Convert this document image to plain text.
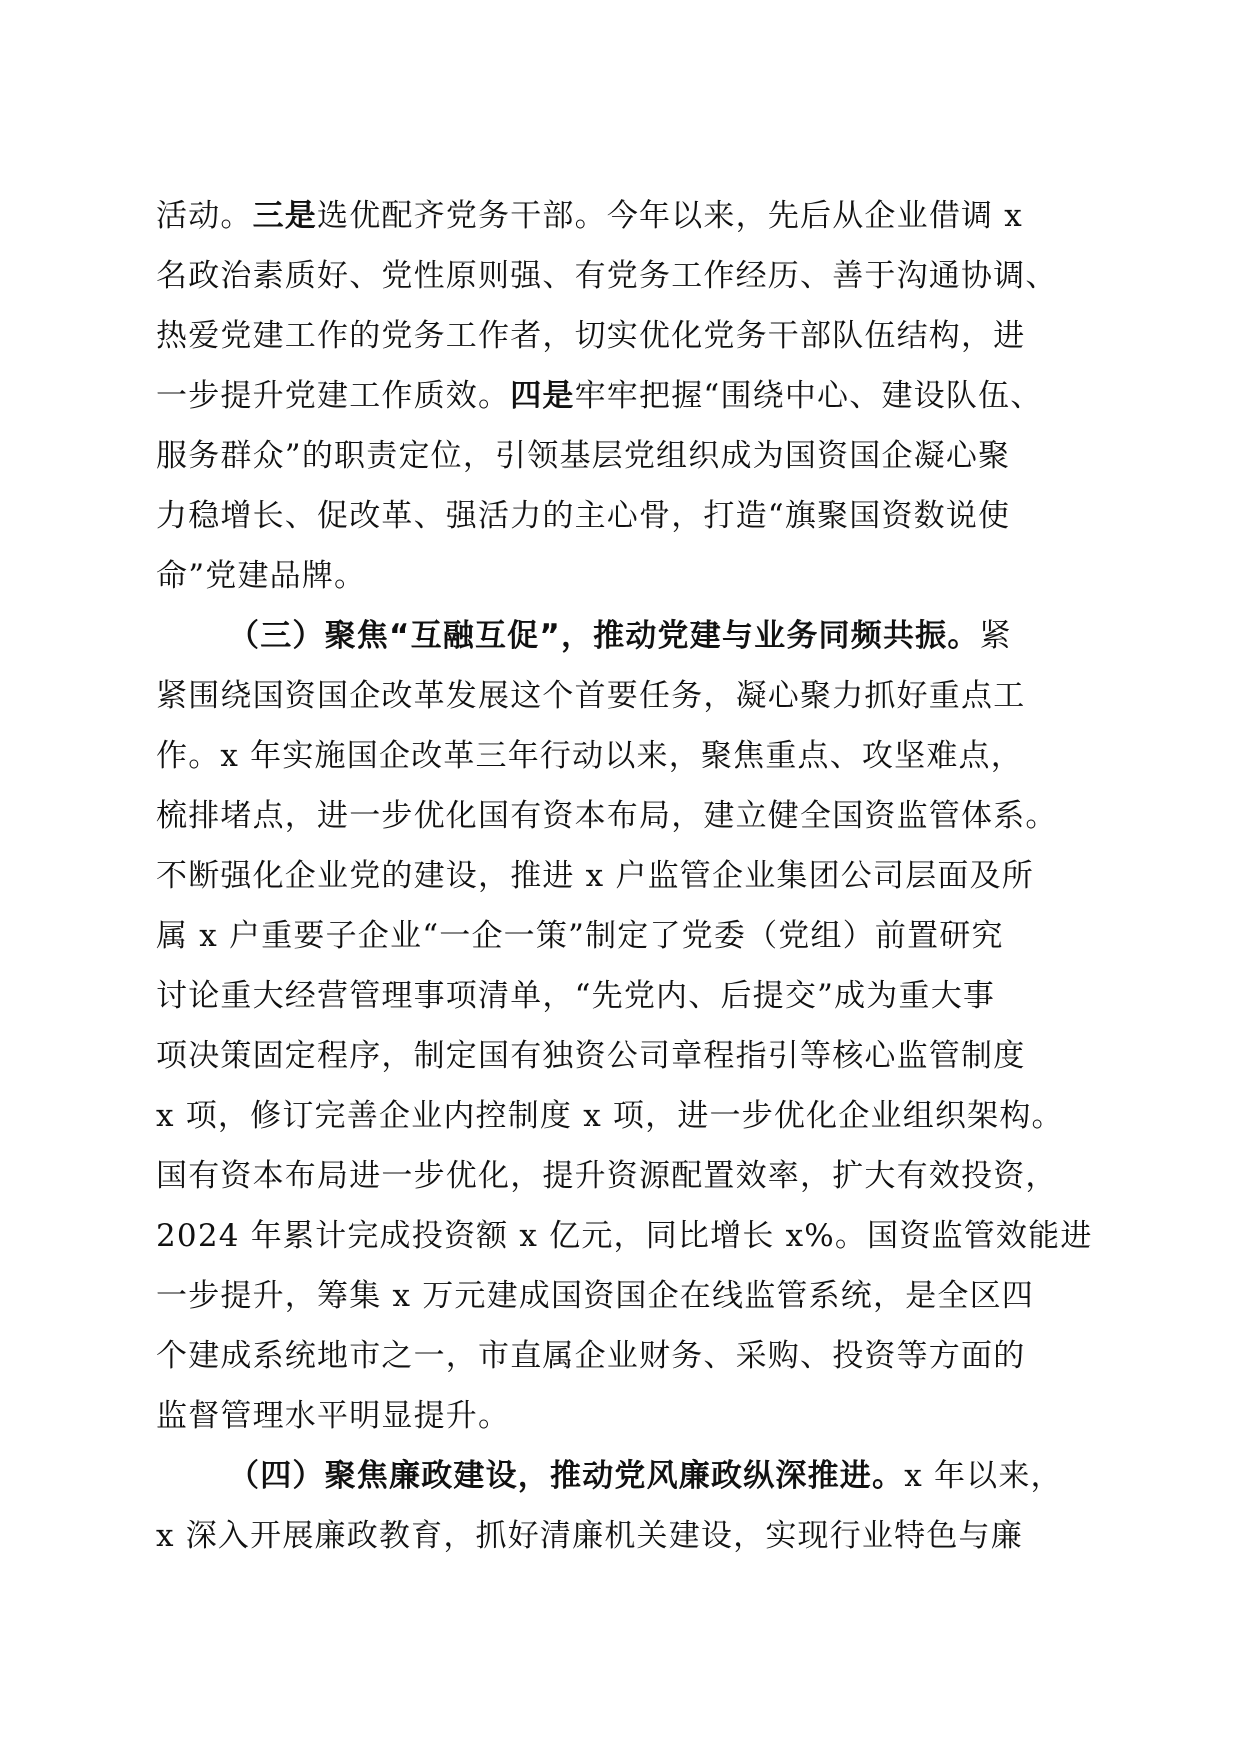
活动。三是选优配齐党务干部。今年以来，先后从企业借调 x
名政治素质好、党性原则强、有党务工作经历、善于沟通协调、
热爱党建工作的党务工作者，切实优化党务干部队伍结构，进
一步提升党建工作质效。四是牢牢把握“围绕中心、建设队伍、
服务群众”的职责定位，引领基层党组织成为国资国企凝心聚
力稳增长、促改革、强活力的主心骨，打造“旗聚国资数说使
命”党建品牌。
（三）聚焦“互融互促”，推动党建与业务同频共振。紧
紧围绕国资国企改革发展这个首要任务，凝心聚力抓好重点工
作。x 年实施国企改革三年行动以来，聚焦重点、攻坚难点，
梳排堵点，进一步优化国有资本布局，建立健全国资监管体系。
不断强化企业党的建设，推进 x 户监管企业集团公司层面及所
属 x 户重要子企业“一企一策”制定了党委（党组）前置研究
讨论重大经营管理事项清单，“先党内、后提交”成为重大事
项决策固定程序，制定国有独资公司章程指引等核心监管制度
x 项，修订完善企业内控制度 x 项，进一步优化企业组织架构。
国有资本布局进一步优化，提升资源配置效率，扩大有效投资，
2024 年累计完成投资额 x 亿元，同比增长 x%。国资监管效能进
一步提升，筹集 x 万元建成国资国企在线监管系统，是全区四
个建成系统地市之一，市直属企业财务、采购、投资等方面的
监督管理水平明显提升。
（四）聚焦廉政建设，推动党风廉政纵深推进。x 年以来，
x 深入开展廉政教育，抓好清廉机关建设，实现行业特色与廉
